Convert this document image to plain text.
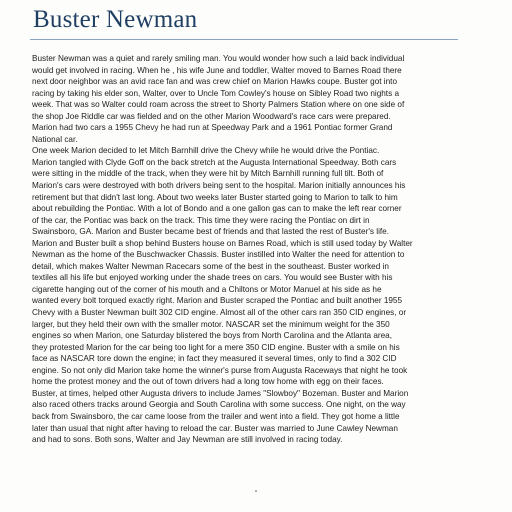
Buster Newman

Buster Newman was a quiet and rarely smiling man. You would wonder how such a laid back individual
would get involved in racing. When he , his wife June and toddler, Walter moved to Barnes Road there
next door neighbor was an avid race fan and was crew chief on Marion Hawks coupe. Buster got into
racing by taking his elder son, Walter, over to Uncle Tom Cowley's house on Sibley Road two nights a
week. That was so Walter could roam across the street to Shorty Palmers Station where on one side of
the shop Joe Riddle car was fielded and on the other Marion Woodward's race cars were prepared.
Marion had two cars a 1955 Chevy he had run at Speedway Park and a 1961 Pontiac former Grand
National car.

One week Marion decided to let Mitch Barnhill drive the Chevy while he would drive the Pontiac.
Marion tangled with Clyde Goff on the back stretch at the Augusta International Speedway. Both cars
were sitting in the middle of the track, when they were hit by Mitch Barnhill running full tilt. Both of
Marion's cars were destroyed with both drivers being sent to the hospital. Marion initially announces his
retirement but that didn't last long. About two weeks later Buster started going to Marion to talk to him
about rebuilding the Pontiac. With a lot of Bondo and a one gallon gas can to make the left rear corner
of the car, the Pontiac was back on the track. This time they were racing the Pontiac on dirt in
Swainsboro, GA. Marion and Buster became best of friends and that lasted the rest of Buster's life.
Marion and Buster built a shop behind Busters house on Barnes Road, which is still used today by Walter
Newman as the home of the Buschwacker Chassis. Buster instilled into Walter the need for attention to
detail, which makes Walter Newman Racecars some of the best in the southeast. Buster worked in
textiles all his life but enjoyed working under the shade trees on cars. You would see Buster with his
cigarette hanging out of the corner of his mouth and a Chiltons or Motor Manuel at his side as he
wanted every bolt torqued exactly right. Marion and Buster scraped the Pontiac and built another 1955
Chevy with a Buster Newman built 302 CID engine. Almost all of the other cars ran 350 CID engines, or
larger, but they held their own with the smaller motor. NASCAR set the minimum weight for the 350
engines so when Marion, one Saturday blistered the boys from North Carolina and the Atlanta area,
they protested Marion for the car being too light for a mere 350 CID engine. Buster with a smile on his
face as NASCAR tore down the engine; in fact they measured it several times, only to find a 302 CID
engine. So not only did Marion take home the winner's purse from Augusta Raceways that night he took
home the protest money and the out of town drivers had a long tow home with egg on their faces.
Buster, at times, helped other Augusta drivers to include James "Slowboy" Bozeman. Buster and Marion
also raced others tracks around Georgia and South Carolina with some success. One night, on the way
back from Swainsboro, the car came loose from the trailer and went into a field. They got home a little
later than usual that night after having to reload the car. Buster was married to June Cawley Newman
and had to sons. Both sons, Walter and Jay Newman are still involved in racing today.
